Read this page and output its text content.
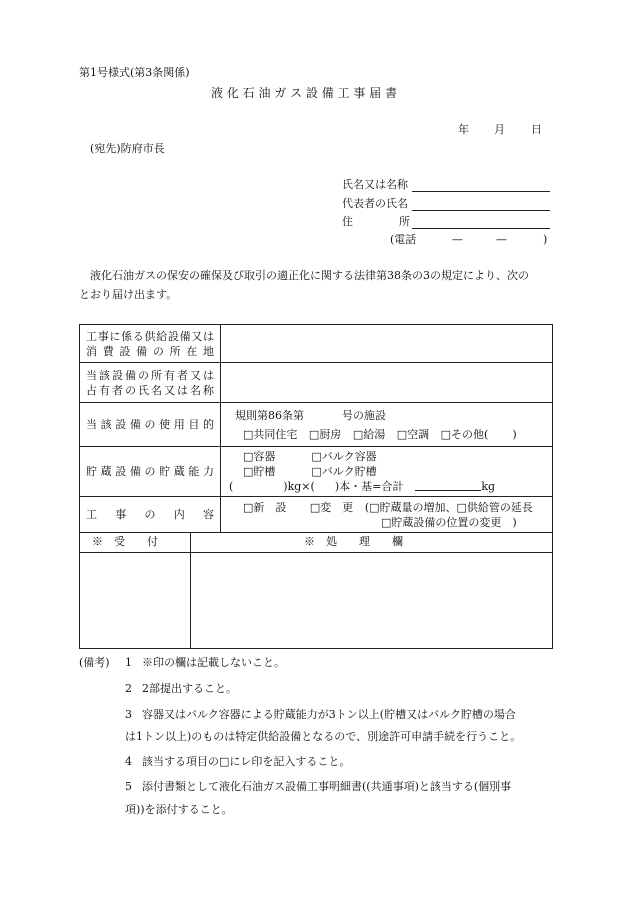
第1号様式(第3条関係)
液 化 石 油 ガ ス 設 備 工 事 届 書
年 月 日
(宛先)防府市長
氏名又は名称
代表者の氏名
住	所
(電話	—	—	)
液化石油ガスの保安の確保及び取引の適正化に関する法律第38条の3の規定により、次の
とおり届け出ます。
工事に係る供給設備又は
消 費 設 備 の 所 在 地	

当該設備の所有者又は
占有者の氏名又は名称	

当 該 設 備 の 使 用 目 的	規則第86条第 号の施設
□共同住宅 □厨房 □給湯 □空調 □その他( )

貯 蔵 設 備 の 貯 蔵 能 力	□容器 □バルク容器
□貯槽 □バルク貯槽
( )kg×( )本・基=合計 kg

工 事 の 内 容	□新　設 □変　更 (□貯蔵量の増加、□供給管の延長
□貯蔵設備の位置の変更　)
※　受　　付	※　処　　理　　欄
(備考) 1 ※印の欄は記載しないこと。
2 2部提出すること。
3 容器又はバルク容器による貯蔵能力が3トン以上(貯槽又はバルク貯槽の場合
は1トン以上)のものは特定供給設備となるので、別途許可申請手続を行うこと。
4 該当する項目の□にレ印を記入すること。
5 添付書類として液化石油ガス設備工事明細書((共通事項)と該当する(個別事
項))を添付すること。
